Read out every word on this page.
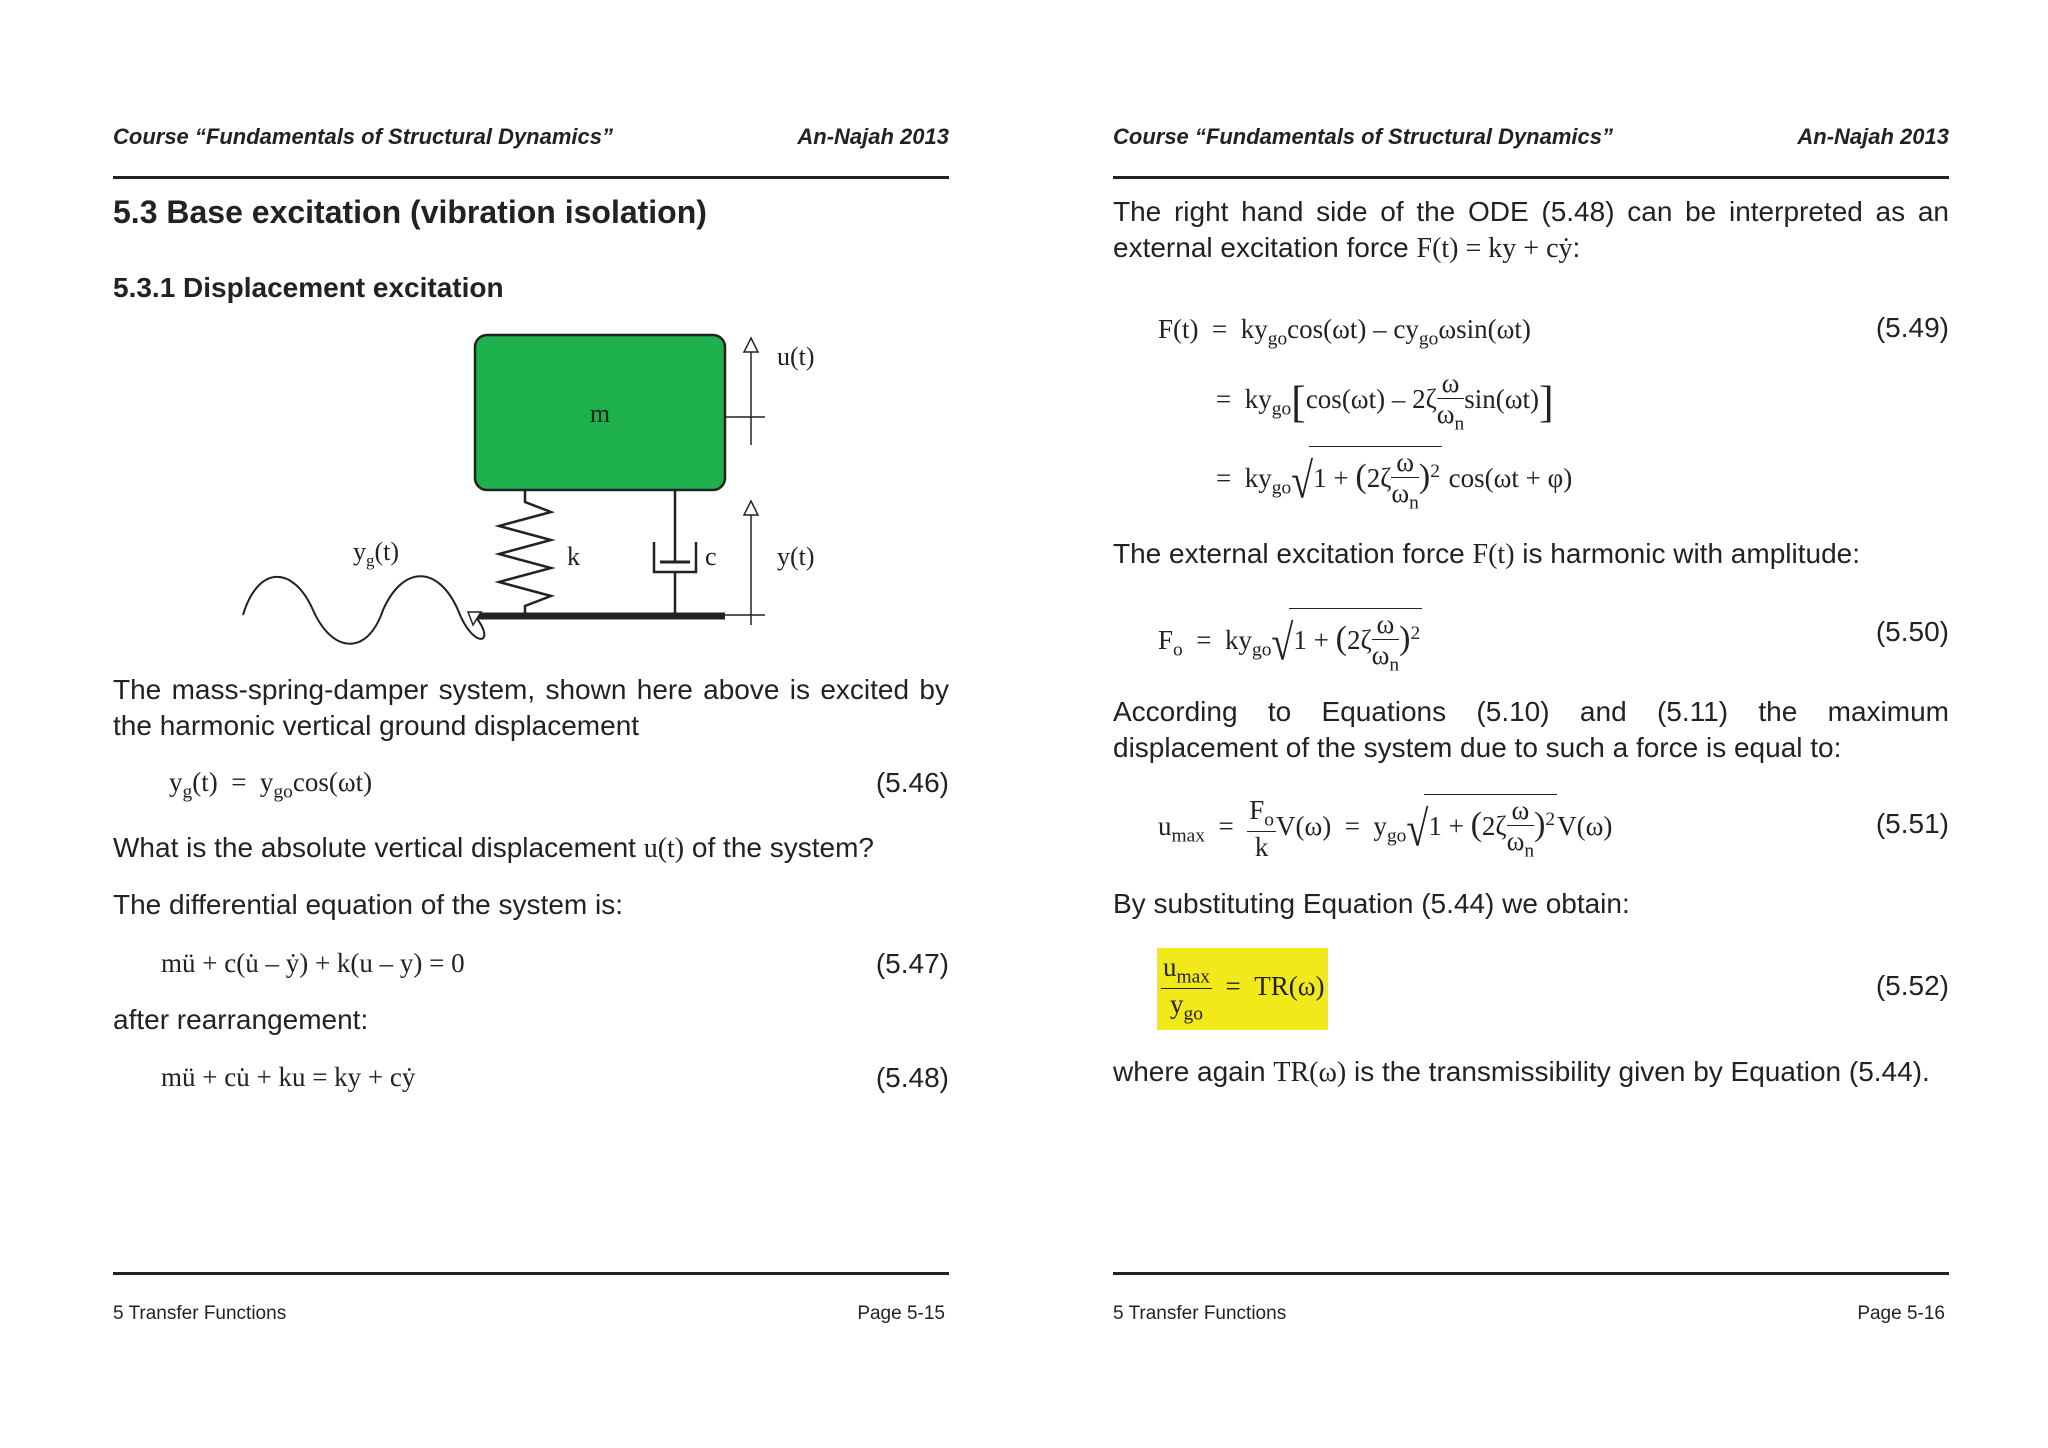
Course “Fundamentals of Structural Dynamics”	An-Najah 2013
5.3 Base excitation (vibration isolation)
5.3.1 Displacement excitation
m
u(t)
k	c y(t)
$y_g(t)$
The mass-spring-damper system, shown here above is excited by the harmonic vertical ground displacement
$y_g(t) = y_{go}\cos(\omega t)$	(5.46)
What is the absolute vertical displacement u(t) of the system?
The differential equation of the system is:
mü + c(u̇ – ẏ) + k(u – y) = 0	(5.47)
after rearrangement:
mü + cu̇ + ku = ky + cẏ	(5.48)
5 Transfer Functions	Page 5-15
Course “Fundamentals of Structural Dynamics”	An-Najah 2013
The right hand side of the ODE (5.48) can be interpreted as an external excitation force F(t) = ky + cẏ:
$F(t) = ky_{go}\cos(\omega t) - cy_{go}\omega\sin(\omega t)$
=  $ky_{go}[\cos(\omega t) - 2\zeta \frac{\omega}{\omega_n} \sin(\omega t)]$
=  $ky_{go}√1 + (2\zeta \frac{\omega}{\omega_n} )^2$ cos(ωt + φ)
(5.49)
The external excitation force F(t) is harmonic with amplitude:
$F_o = ky_{go}√1 + (2\zeta \frac{\omega}{\omega_n} )^2$	(5.50)
According to Equations (5.10) and (5.11) the maximum displacement of the system due to such a force is equal to:
$u_{max} = \frac{F_o}{k} V(\omega) = y_{go}√1 + (2\zeta \frac{\omega}{\omega_n} )^2V(\omega)$	(5.51)
By substituting Equation (5.44) we obtain:
$\frac{u_{max}}{y_{go}} = TR(\omega)$	(5.52)
where again TR(ω) is the transmissibility given by Equation (5.44).
5 Transfer Functions	Page 5-16
